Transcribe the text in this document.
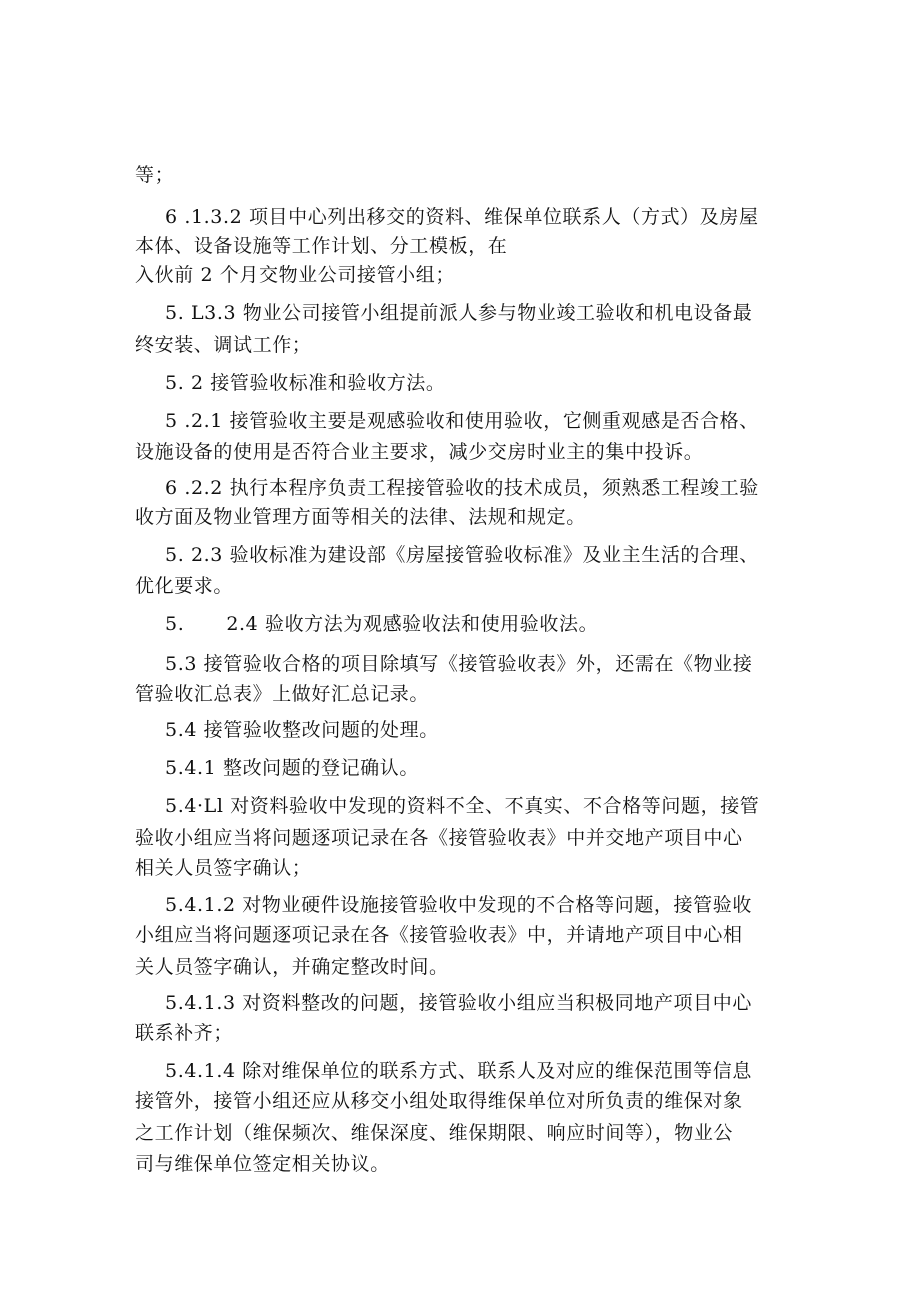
等；
6 .1.3.2 项目中心列出移交的资料、维保单位联系人（方式）及房屋
本体、设备设施等工作计划、分工模板，在
入伙前 2 个月交物业公司接管小组；
5. L3.3 物业公司接管小组提前派人参与物业竣工验收和机电设备最
终安装、调试工作；
5. 2 接管验收标准和验收方法。
5 .2.1 接管验收主要是观感验收和使用验收，它侧重观感是否合格、
设施设备的使用是否符合业主要求，减少交房时业主的集中投诉。
6 .2.2 执行本程序负责工程接管验收的技术成员，须熟悉工程竣工验
收方面及物业管理方面等相关的法律、法规和规定。
5. 2.3 验收标准为建设部《房屋接管验收标准》及业主生活的合理、
优化要求。
5. 2.4 验收方法为观感验收法和使用验收法。
5.3 接管验收合格的项目除填写《接管验收表》外，还需在《物业接
管验收汇总表》上做好汇总记录。
5.4 接管验收整改问题的处理。
5.4.1 整改问题的登记确认。
5.4·Ll 对资料验收中发现的资料不全、不真实、不合格等问题，接管
验收小组应当将问题逐项记录在各《接管验收表》中并交地产项目中心
相关人员签字确认；
5.4.1.2 对物业硬件设施接管验收中发现的不合格等问题，接管验收
小组应当将问题逐项记录在各《接管验收表》中，并请地产项目中心相
关人员签字确认，并确定整改时间。
5.4.1.3 对资料整改的问题，接管验收小组应当积极同地产项目中心
联系补齐；
5.4.1.4 除对维保单位的联系方式、联系人及对应的维保范围等信息
接管外，接管小组还应从移交小组处取得维保单位对所负责的维保对象
之工作计划（维保频次、维保深度、维保期限、响应时间等），物业公
司与维保单位签定相关协议。
